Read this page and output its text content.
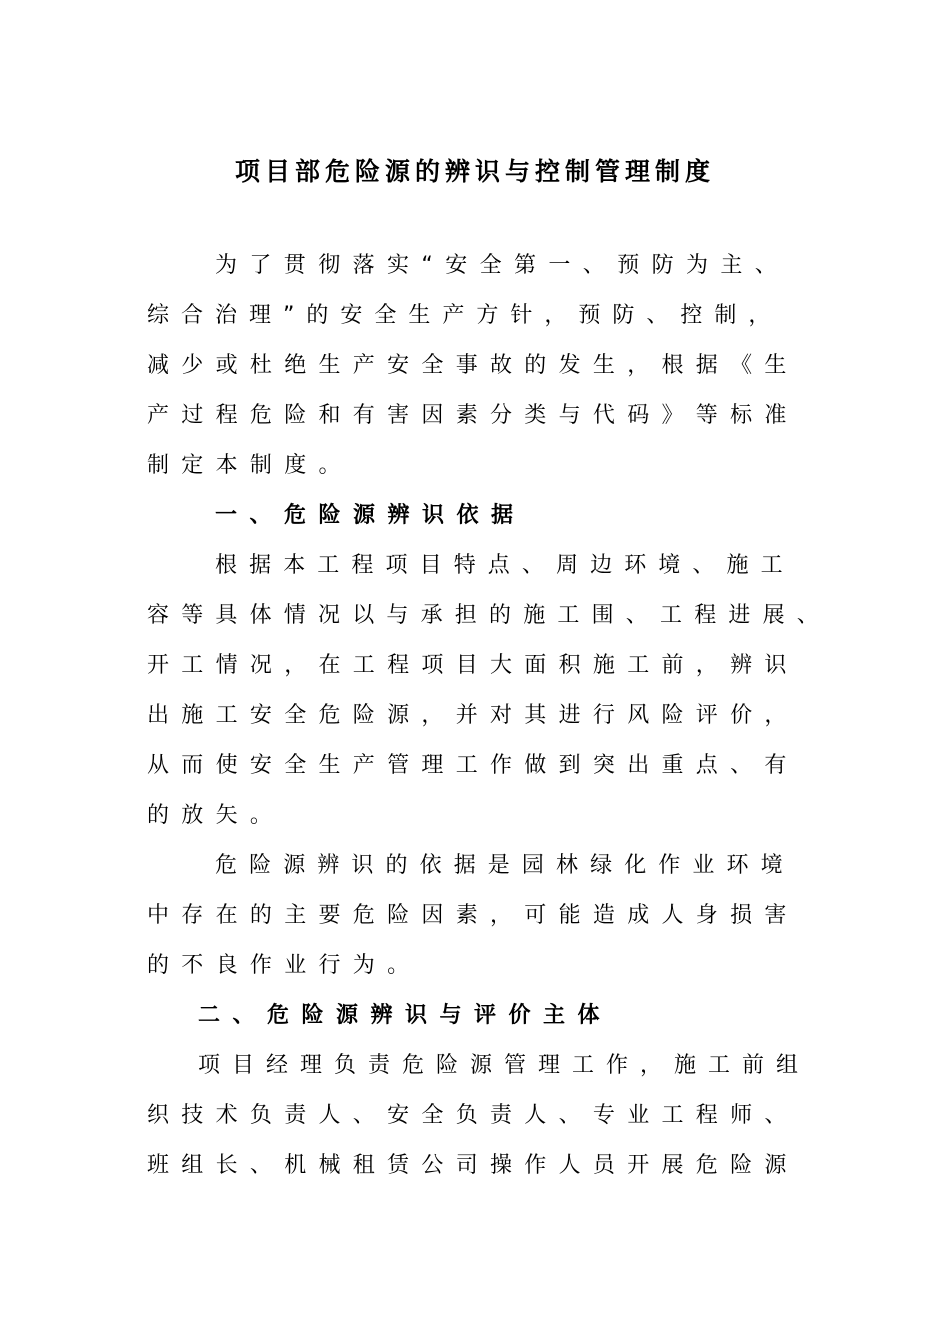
项目部危险源的辨识与控制管理制度
为了贯彻落实“安全第一、预防为主、
综合治理”的安全生产方针，预防、控制，
减少或杜绝生产安全事故的发生，根据《生
产过程危险和有害因素分类与代码》等标准
制定本制度。
一、危险源辨识依据
根据本工程项目特点、周边环境、施工
容等具体情况以与承担的施工围、工程进展、
开工情况，在工程项目大面积施工前，辨识
出施工安全危险源，并对其进行风险评价，
从而使安全生产管理工作做到突出重点、有
的放矢。
危险源辨识的依据是园林绿化作业环境
中存在的主要危险因素，可能造成人身损害
的不良作业行为。
二、危险源辨识与评价主体
项目经理负责危险源管理工作，施工前组
织技术负责人、安全负责人、专业工程师、
班组长、机械租赁公司操作人员开展危险源
